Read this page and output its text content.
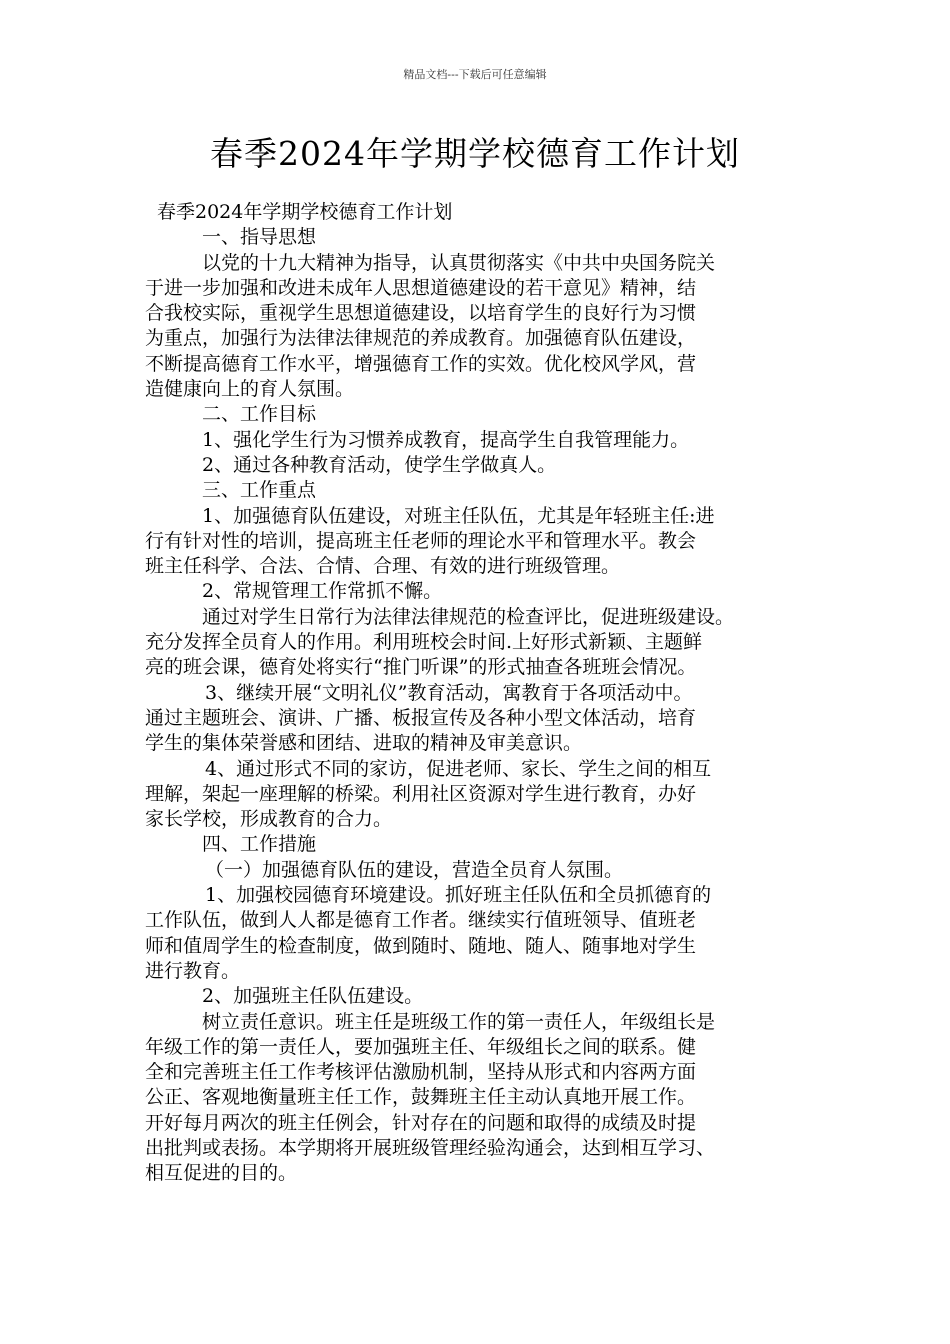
精品文档---下载后可任意编辑
春季2024年学期学校德育工作计划
春季2024年学期学校德育工作计划
一、指导思想
以党的十九大精神为指导，认真贯彻落实《中共中央国务院关
于进一步加强和改进未成年人思想道德建设的若干意见》精神，结
合我校实际，重视学生思想道德建设，以培育学生的良好行为习惯
为重点，加强行为法律法律规范的养成教育。加强德育队伍建设，
不断提高德育工作水平，增强德育工作的实效。优化校风学风，营
造健康向上的育人氛围。
二、工作目标
1、强化学生行为习惯养成教育，提高学生自我管理能力。
2、通过各种教育活动，使学生学做真人。
三、工作重点
1、加强德育队伍建设，对班主任队伍，尤其是年轻班主任:进
行有针对性的培训，提高班主任老师的理论水平和管理水平。教会
班主任科学、合法、合情、合理、有效的进行班级管理。
2、常规管理工作常抓不懈。
通过对学生日常行为法律法律规范的检查评比，促进班级建设。
充分发挥全员育人的作用。利用班校会时间.上好形式新颖、主题鲜
亮的班会课，德育处将实行“推门听课”的形式抽查各班班会情况。
3、继续开展“文明礼仪”教育活动，寓教育于各项活动中。
通过主题班会、演讲、广播、板报宣传及各种小型文体活动，培育
学生的集体荣誉感和团结、进取的精神及审美意识。
4、通过形式不同的家访，促进老师、家长、学生之间的相互
理解，架起一座理解的桥梁。利用社区资源对学生进行教育，办好
家长学校，形成教育的合力。
四、工作措施
（一）加强德育队伍的建设，营造全员育人氛围。
1、加强校园德育环境建设。抓好班主任队伍和全员抓德育的
工作队伍，做到人人都是德育工作者。继续实行值班领导、值班老
师和值周学生的检查制度，做到随时、随地、随人、随事地对学生
进行教育。
2、加强班主任队伍建设。
树立责任意识。班主任是班级工作的第一责任人，年级组长是
年级工作的第一责任人，要加强班主任、年级组长之间的联系。健
全和完善班主任工作考核评估激励机制，坚持从形式和内容两方面
公正、客观地衡量班主任工作，鼓舞班主任主动认真地开展工作。
开好每月两次的班主任例会，针对存在的问题和取得的成绩及时提
出批判或表扬。本学期将开展班级管理经验沟通会，达到相互学习、
相互促进的目的。
